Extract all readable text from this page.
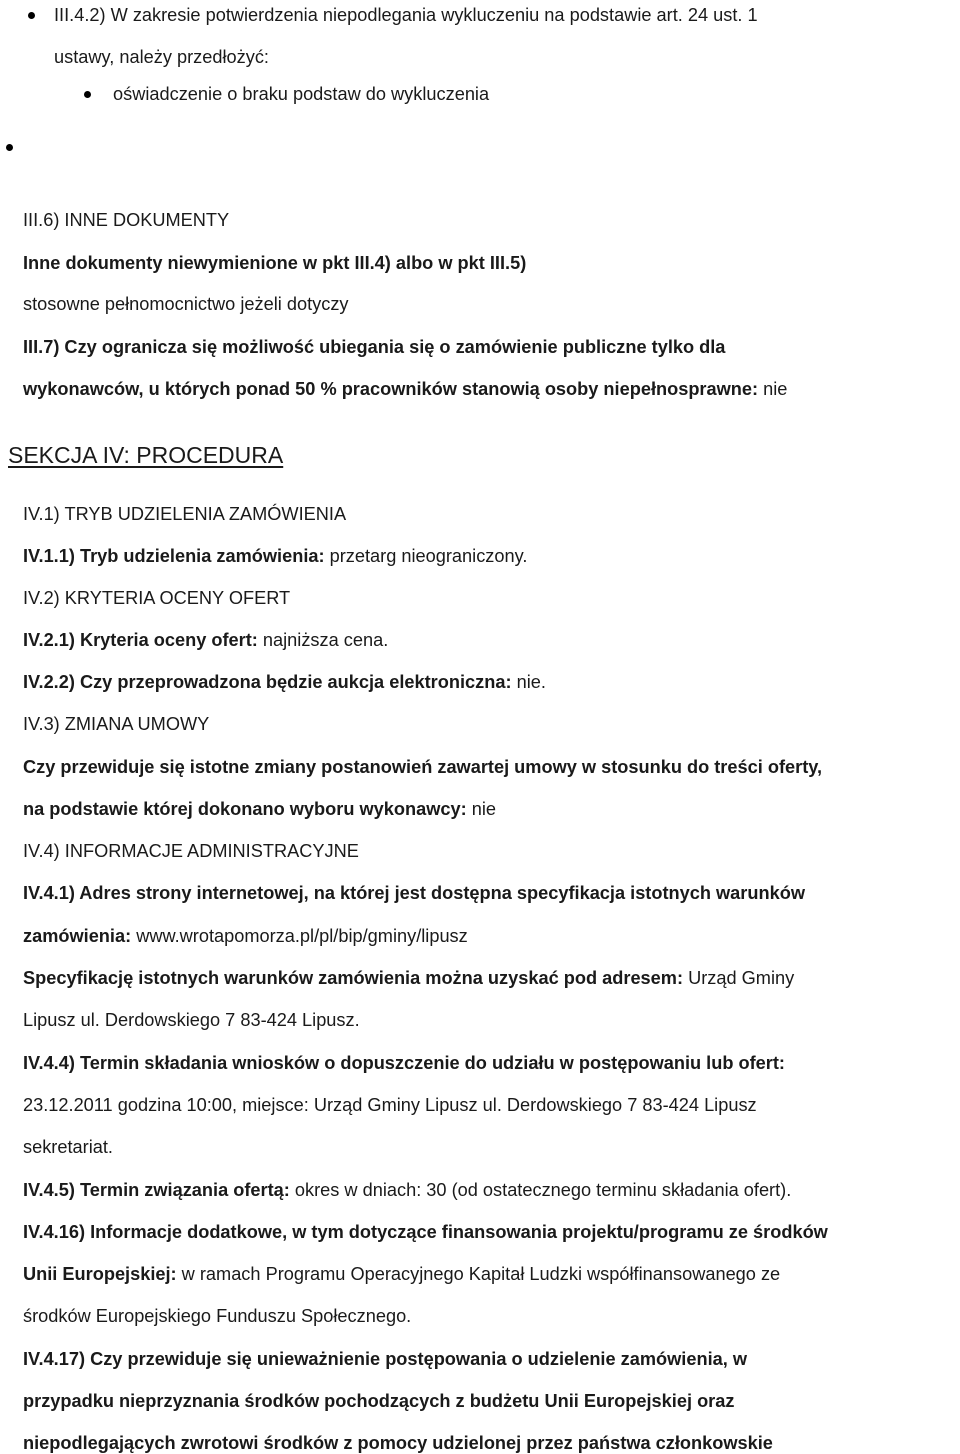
III.4.2) W zakresie potwierdzenia niepodlegania wykluczeniu na podstawie art. 24 ust. 1
ustawy, należy przedłożyć:
oświadczenie o braku podstaw do wykluczenia
III.6) INNE DOKUMENTY
Inne dokumenty niewymienione w pkt III.4) albo w pkt III.5)
stosowne pełnomocnictwo jeżeli dotyczy
III.7) Czy ogranicza się możliwość ubiegania się o zamówienie publiczne tylko dla
wykonawców, u których ponad 50 % pracowników stanowią osoby niepełnosprawne: nie
SEKCJA IV: PROCEDURA
IV.1) TRYB UDZIELENIA ZAMÓWIENIA
IV.1.1) Tryb udzielenia zamówienia: przetarg nieograniczony.
IV.2) KRYTERIA OCENY OFERT
IV.2.1) Kryteria oceny ofert: najniższa cena.
IV.2.2) Czy przeprowadzona będzie aukcja elektroniczna: nie.
IV.3) ZMIANA UMOWY
Czy przewiduje się istotne zmiany postanowień zawartej umowy w stosunku do treści oferty,
na podstawie której dokonano wyboru wykonawcy: nie
IV.4) INFORMACJE ADMINISTRACYJNE
IV.4.1) Adres strony internetowej, na której jest dostępna specyfikacja istotnych warunków
zamówienia: www.wrotapomorza.pl/pl/bip/gminy/lipusz
Specyfikację istotnych warunków zamówienia można uzyskać pod adresem: Urząd Gminy
Lipusz ul. Derdowskiego 7 83-424 Lipusz.
IV.4.4) Termin składania wniosków o dopuszczenie do udziału w postępowaniu lub ofert:
23.12.2011 godzina 10:00, miejsce: Urząd Gminy Lipusz ul. Derdowskiego 7 83-424 Lipusz
sekretariat.
IV.4.5) Termin związania ofertą: okres w dniach: 30 (od ostatecznego terminu składania ofert).
IV.4.16) Informacje dodatkowe, w tym dotyczące finansowania projektu/programu ze środków
Unii Europejskiej: w ramach Programu Operacyjnego Kapitał Ludzki współfinansowanego ze
środków Europejskiego Funduszu Społecznego.
IV.4.17) Czy przewiduje się unieważnienie postępowania o udzielenie zamówienia, w
przypadku nieprzyznania środków pochodzących z budżetu Unii Europejskiej oraz
niepodlegających zwrotowi środków z pomocy udzielonej przez państwa członkowskie
